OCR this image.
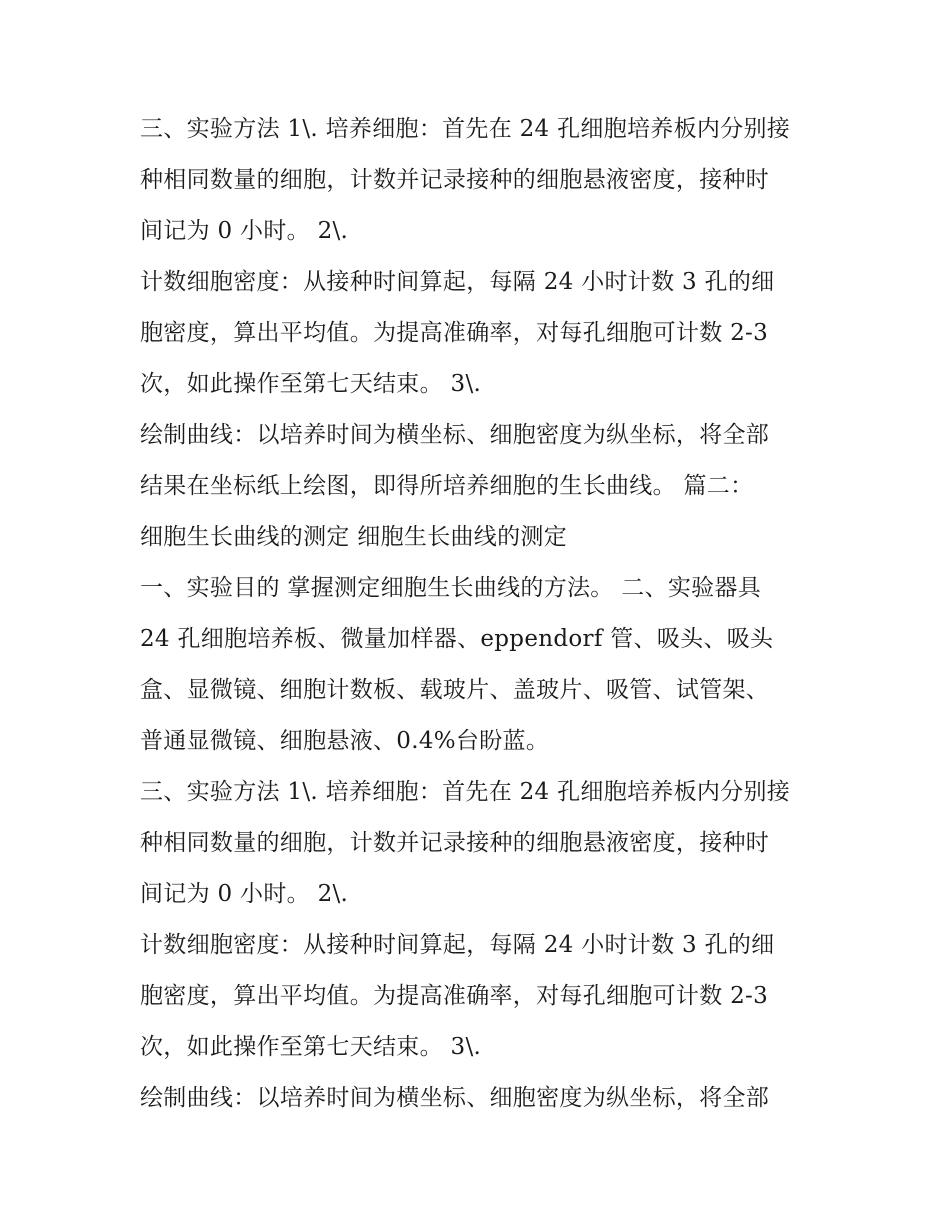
三、实验方法 1\. 培养细胞：首先在 24 孔细胞培养板内分别接
种相同数量的细胞，计数并记录接种的细胞悬液密度，接种时
间记为 0 小时。 2\.
计数细胞密度：从接种时间算起，每隔 24 小时计数 3 孔的细
胞密度，算出平均值。为提高准确率，对每孔细胞可计数 2-3
次，如此操作至第七天结束。 3\.
绘制曲线：以培养时间为横坐标、细胞密度为纵坐标，将全部
结果在坐标纸上绘图，即得所培养细胞的生长曲线。 篇二：
细胞生长曲线的测定 细胞生长曲线的测定
一、实验目的 掌握测定细胞生长曲线的方法。 二、实验器具
24 孔细胞培养板、微量加样器、eppendorf 管、吸头、吸头
盒、显微镜、细胞计数板、载玻片、盖玻片、吸管、试管架、
普通显微镜、细胞悬液、0.4%台盼蓝。
三、实验方法 1\. 培养细胞：首先在 24 孔细胞培养板内分别接
种相同数量的细胞，计数并记录接种的细胞悬液密度，接种时
间记为 0 小时。 2\.
计数细胞密度：从接种时间算起，每隔 24 小时计数 3 孔的细
胞密度，算出平均值。为提高准确率，对每孔细胞可计数 2-3
次，如此操作至第七天结束。 3\.
绘制曲线：以培养时间为横坐标、细胞密度为纵坐标，将全部
